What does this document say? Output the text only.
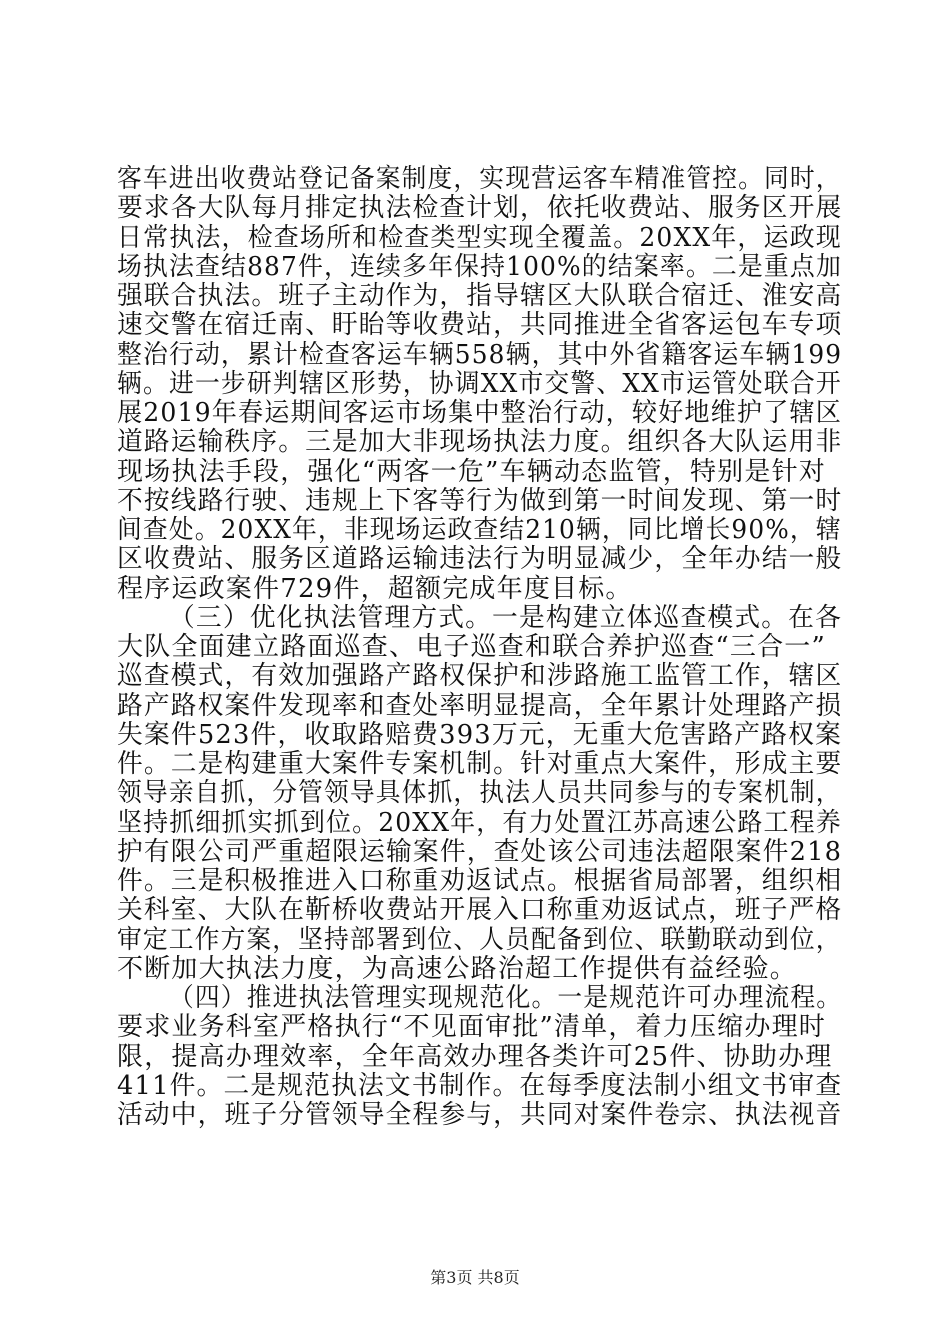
客车进出收费站登记备案制度，实现营运客车精准管控。同时，
要求各大队每月排定执法检查计划，依托收费站、服务区开展
日常执法，检查场所和检查类型实现全覆盖。20XX年，运政现
场执法查结887件，连续多年保持100%的结案率。二是重点加
强联合执法。班子主动作为，指导辖区大队联合宿迁、淮安高
速交警在宿迁南、盱眙等收费站，共同推进全省客运包车专项
整治行动，累计检查客运车辆558辆，其中外省籍客运车辆199
辆。进一步研判辖区形势，协调XX市交警、XX市运管处联合开
展2019年春运期间客运市场集中整治行动，较好地维护了辖区
道路运输秩序。三是加大非现场执法力度。组织各大队运用非
现场执法手段，强化“两客一危”车辆动态监管，特别是针对
不按线路行驶、违规上下客等行为做到第一时间发现、第一时
间查处。20XX年，非现场运政查结210辆，同比增长90%，辖
区收费站、服务区道路运输违法行为明显减少，全年办结一般
程序运政案件729件，超额完成年度目标。
（三）优化执法管理方式。一是构建立体巡查模式。在各
大队全面建立路面巡查、电子巡查和联合养护巡查“三合一”
巡查模式，有效加强路产路权保护和涉路施工监管工作，辖区
路产路权案件发现率和查处率明显提高，全年累计处理路产损
失案件523件，收取路赔费393万元，无重大危害路产路权案
件。二是构建重大案件专案机制。针对重点大案件，形成主要
领导亲自抓，分管领导具体抓，执法人员共同参与的专案机制，
坚持抓细抓实抓到位。20XX年，有力处置江苏高速公路工程养
护有限公司严重超限运输案件，查处该公司违法超限案件218
件。三是积极推进入口称重劝返试点。根据省局部署，组织相
关科室、大队在靳桥收费站开展入口称重劝返试点，班子严格
审定工作方案，坚持部署到位、人员配备到位、联勤联动到位，
不断加大执法力度，为高速公路治超工作提供有益经验。
（四）推进执法管理实现规范化。一是规范许可办理流程。
要求业务科室严格执行“不见面审批”清单，着力压缩办理时
限，提高办理效率，全年高效办理各类许可25件、协助办理
411件。二是规范执法文书制作。在每季度法制小组文书审查
活动中，班子分管领导全程参与，共同对案件卷宗、执法视音
第3页 共8页
